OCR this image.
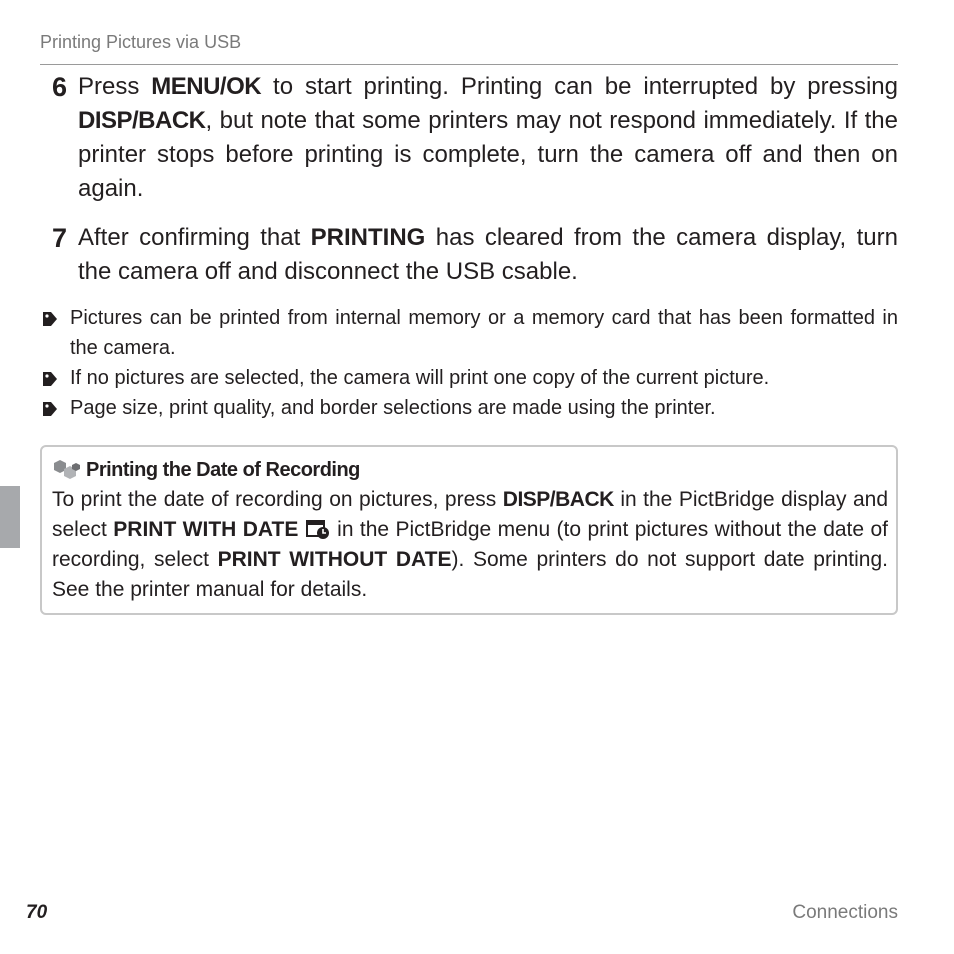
Printing Pictures via USB
6 Press MENU/OK to start printing. Printing can be interrupted by pressing DISP/BACK, but note that some printers may not respond immediately. If the printer stops before printing is complete, turn the camera off and then on again.
7 After confirming that PRINTING has cleared from the camera display, turn the camera off and disconnect the USB csable.
Pictures can be printed from internal memory or a memory card that has been formatted in the camera.
If no pictures are selected, the camera will print one copy of the current picture.
Page size, print quality, and border selections are made using the printer.
Printing the Date of Recording
To print the date of recording on pictures, press DISP/BACK in the PictBridge display and select PRINT WITH DATE  in the PictBridge menu (to print pictures without the date of recording, select PRINT WITHOUT DATE). Some printers do not support date printing. See the printer manual for details.
70	Connections
